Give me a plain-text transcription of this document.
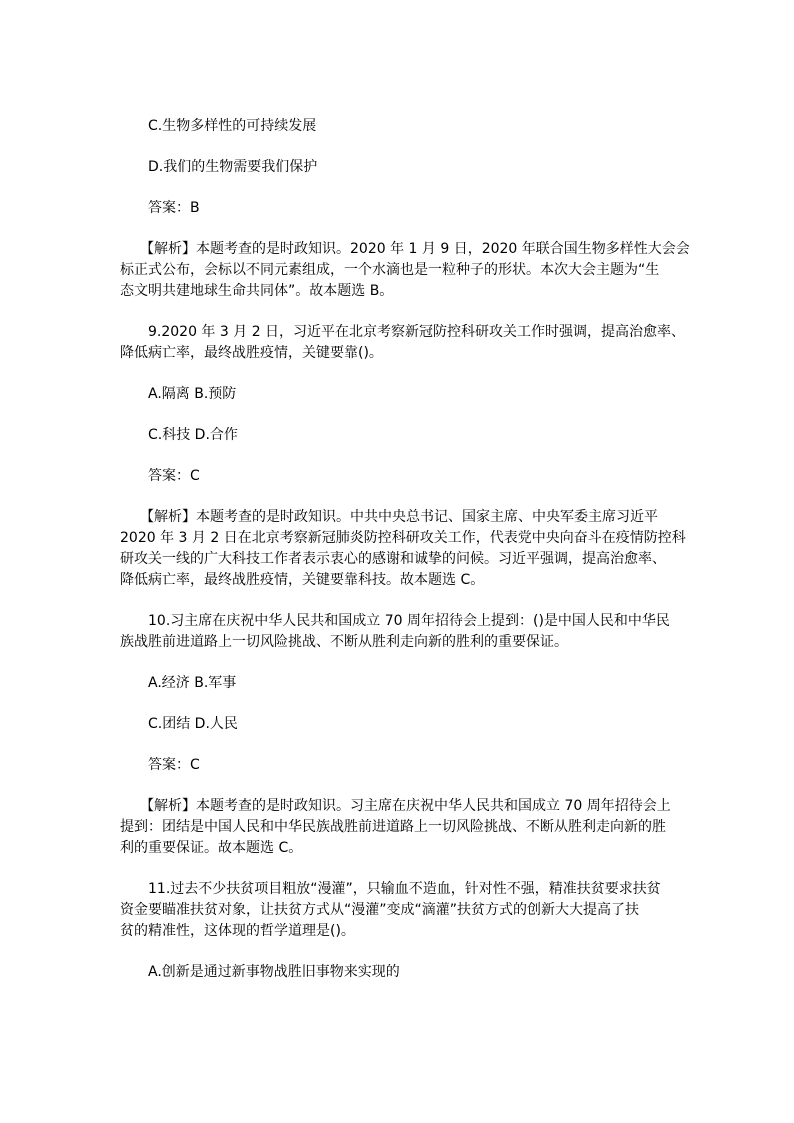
C.生物多样性的可持续发展

D.我们的生物需要我们保护

答案：B

【解析】本题考查的是时政知识。2020 年 1 月 9 日，2020 年联合国生物多样性大会会
标正式公布，会标以不同元素组成，一个水滴也是一粒种子的形状。本次大会主题为“生
态文明共建地球生命共同体”。故本题选 B。

9.2020 年 3 月 2 日，习近平在北京考察新冠防控科研攻关工作时强调，提高治愈率、
降低病亡率，最终战胜疫情，关键要靠()。

A.隔离 B.预防

C.科技 D.合作

答案：C

【解析】本题考查的是时政知识。中共中央总书记、国家主席、中央军委主席习近平
2020 年 3 月 2 日在北京考察新冠肺炎防控科研攻关工作，代表党中央向奋斗在疫情防控科
研攻关一线的广大科技工作者表示衷心的感谢和诚挚的问候。习近平强调，提高治愈率、
降低病亡率，最终战胜疫情，关键要靠科技。故本题选 C。

10.习主席在庆祝中华人民共和国成立 70 周年招待会上提到：()是中国人民和中华民
族战胜前进道路上一切风险挑战、不断从胜利走向新的胜利的重要保证。

A.经济 B.军事

C.团结 D.人民

答案：C

【解析】本题考查的是时政知识。习主席在庆祝中华人民共和国成立 70 周年招待会上
提到：团结是中国人民和中华民族战胜前进道路上一切风险挑战、不断从胜利走向新的胜
利的重要保证。故本题选 C。

11.过去不少扶贫项目粗放“漫灌”，只输血不造血，针对性不强，精准扶贫要求扶贫
资金要瞄准扶贫对象，让扶贫方式从“漫灌”变成“滴灌”扶贫方式的创新大大提高了扶
贫的精准性，这体现的哲学道理是()。

A.创新是通过新事物战胜旧事物来实现的
